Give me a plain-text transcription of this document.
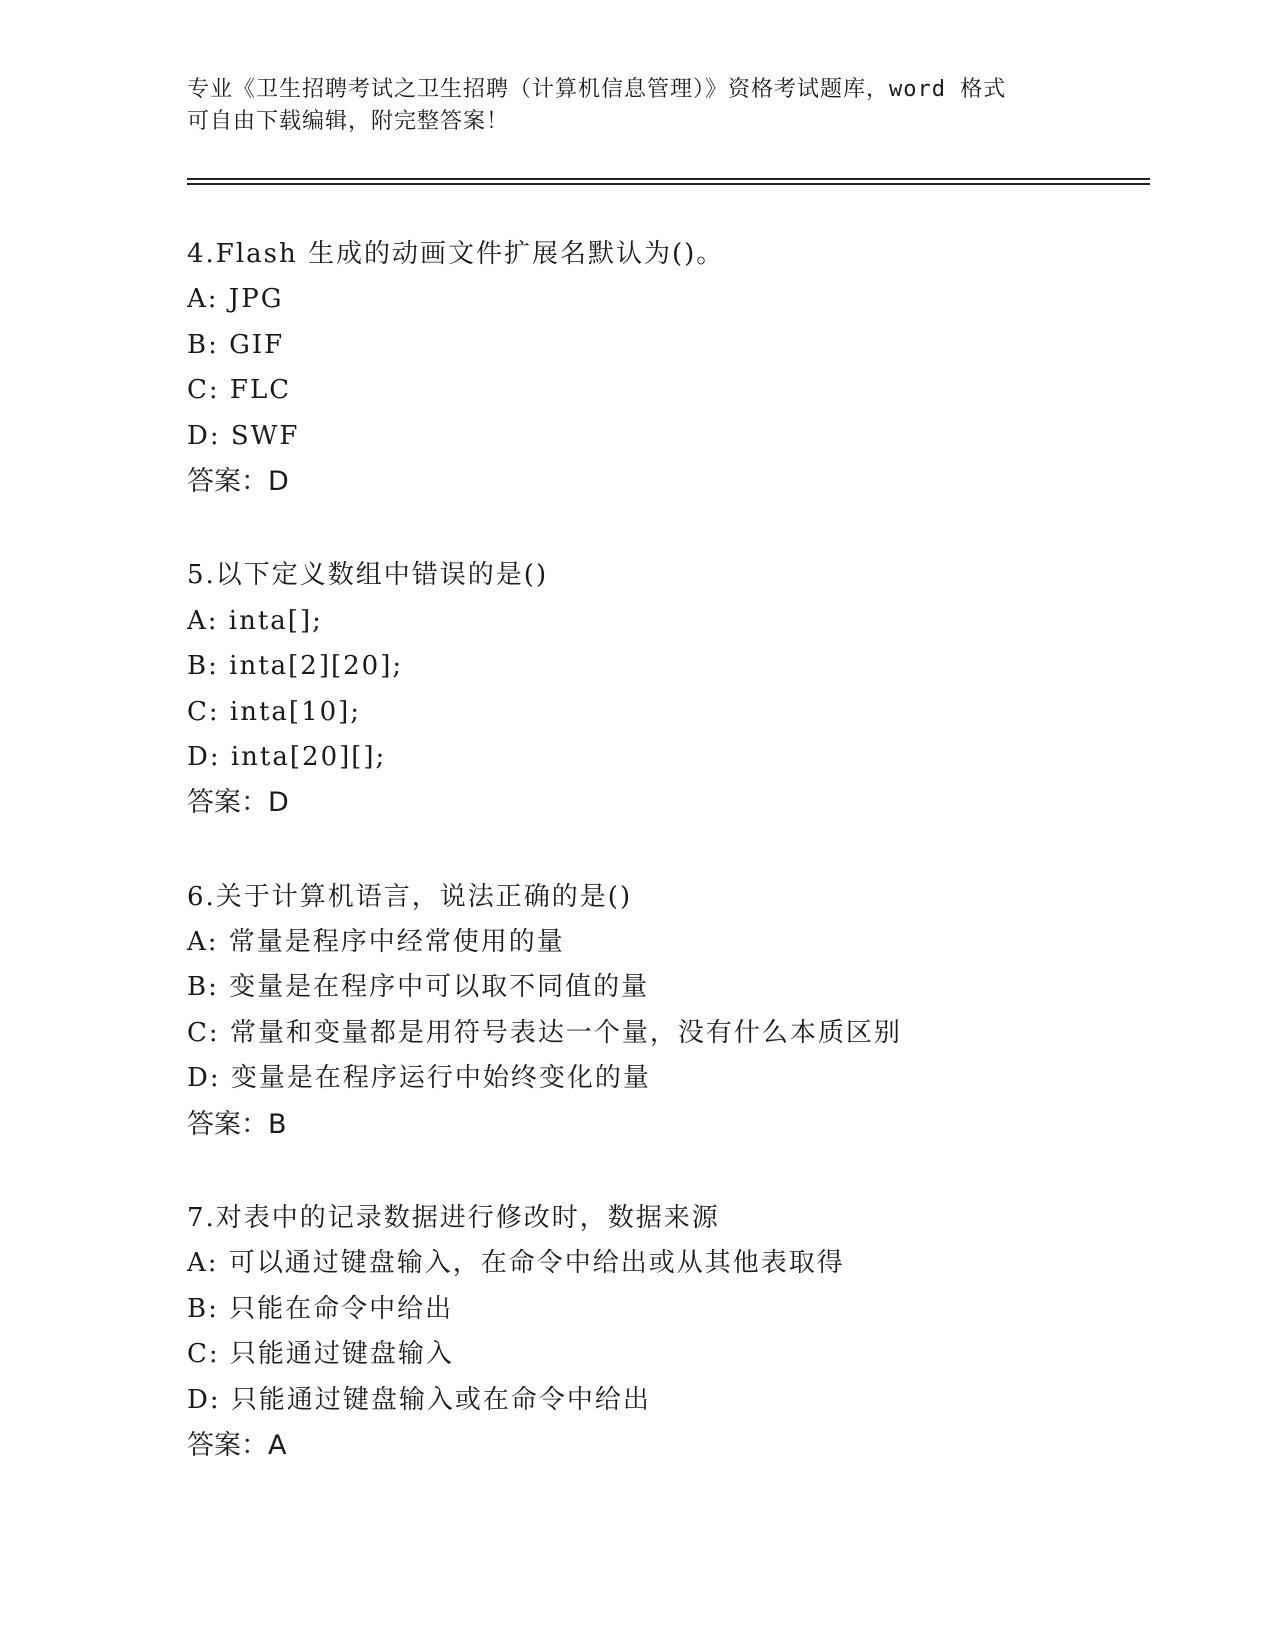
专业《卫生招聘考试之卫生招聘（计算机信息管理）》资格考试题库，word 格式
可自由下载编辑，附完整答案！
4.Flash 生成的动画文件扩展名默认为()。
A: JPG
B: GIF
C: FLC
D: SWF
答案：D
5.以下定义数组中错误的是()
A: inta[];
B: inta[2][20];
C: inta[10];
D: inta[20][];
答案：D
6.关于计算机语言，说法正确的是()
A: 常量是程序中经常使用的量
B: 变量是在程序中可以取不同值的量
C: 常量和变量都是用符号表达一个量，没有什么本质区别
D: 变量是在程序运行中始终变化的量
答案：B
7.对表中的记录数据进行修改时，数据来源
A: 可以通过键盘输入，在命令中给出或从其他表取得
B: 只能在命令中给出
C: 只能通过键盘输入
D: 只能通过键盘输入或在命令中给出
答案：A
